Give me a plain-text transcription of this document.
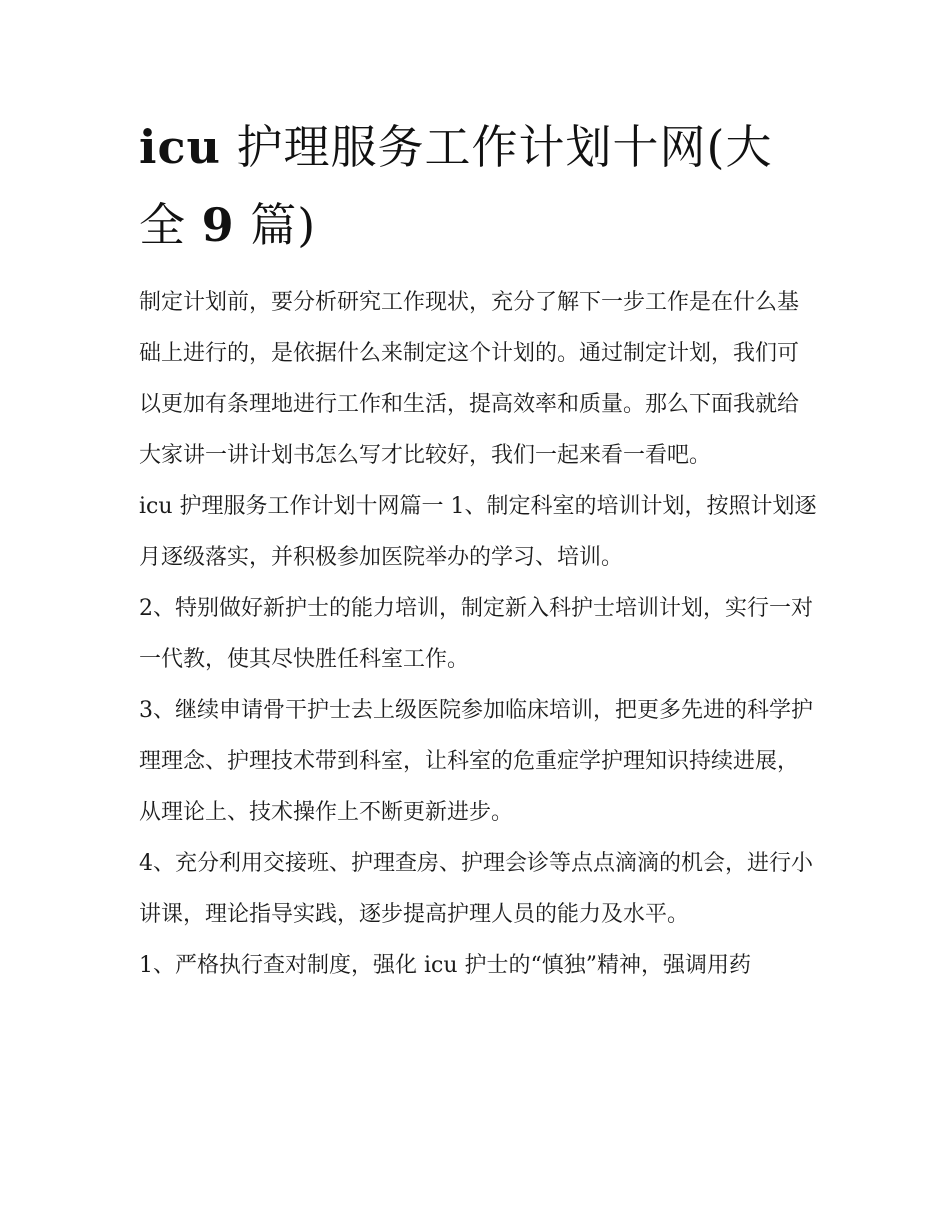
icu 护理服务工作计划十网(大
全 9 篇)

制定计划前，要分析研究工作现状，充分了解下一步工作是在什么基础上进行的，是依据什么来制定这个计划的。通过制定计划，我们可以更加有条理地进行工作和生活，提高效率和质量。那么下面我就给大家讲一讲计划书怎么写才比较好，我们一起来看一看吧。

icu 护理服务工作计划十网篇一 1、制定科室的培训计划，按照计划逐月逐级落实，并积极参加医院举办的学习、培训。

2、特别做好新护士的能力培训，制定新入科护士培训计划，实行一对一代教，使其尽快胜任科室工作。

3、继续申请骨干护士去上级医院参加临床培训，把更多先进的科学护理理念、护理技术带到科室，让科室的危重症学护理知识持续进展，从理论上、技术操作上不断更新进步。

4、充分利用交接班、护理查房、护理会诊等点点滴滴的机会，进行小讲课，理论指导实践，逐步提高护理人员的能力及水平。

1、严格执行查对制度，强化 icu 护士的“慎独”精神，强调用药
